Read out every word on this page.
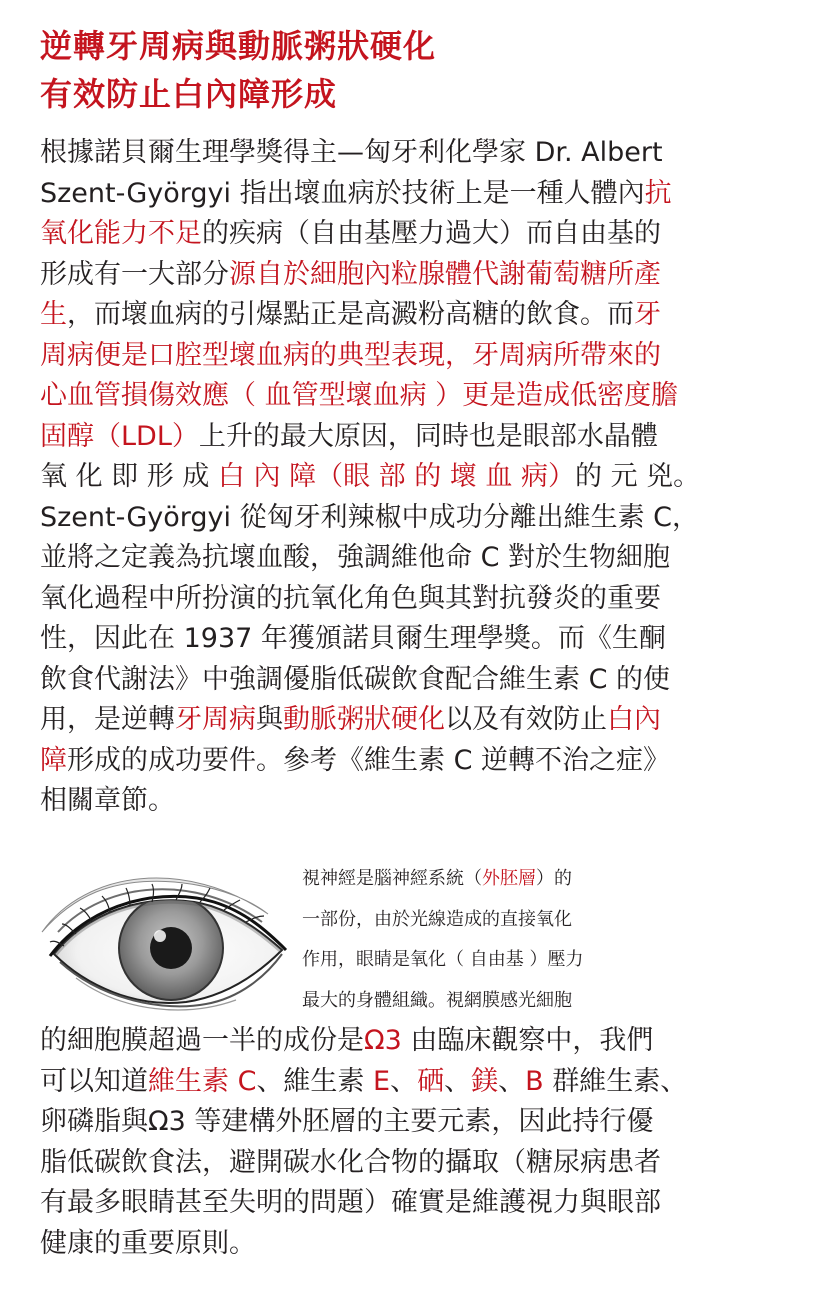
逆轉牙周病與動脈粥狀硬化
有效防止白內障形成
根據諾貝爾生理學獎得主—匈牙利化學家 Dr. Albert
Szent-Györgyi 指出壞血病於技術上是一種人體內抗
氧化能力不足的疾病（自由基壓力過大）而自由基的
形成有一大部分源自於細胞內粒腺體代謝葡萄糖所產
生，而壞血病的引爆點正是高澱粉高糖的飲食。而牙
周病便是口腔型壞血病的典型表現，牙周病所帶來的
心血管損傷效應（ 血管型壞血病 ）更是造成低密度膽
固醇（LDL）上升的最大原因，同時也是眼部水晶體
氧 化 即 形 成 白 內 障（眼 部 的 壞 血 病）的 元 兇。
Szent-Györgyi 從匈牙利辣椒中成功分離出維生素 C，
並將之定義為抗壞血酸，強調維他命 C 對於生物細胞
氧化過程中所扮演的抗氧化角色與其對抗發炎的重要
性，因此在 1937 年獲頒諾貝爾生理學獎。而《生酮
飲食代謝法》中強調優脂低碳飲食配合維生素 C 的使
用，是逆轉牙周病與動脈粥狀硬化以及有效防止白內
障形成的成功要件。參考《維生素 C 逆轉不治之症》
相關章節。
視神經是腦神經系統（外胚層）的
一部份，由於光線造成的直接氧化
作用，眼睛是氧化（ 自由基 ）壓力
最大的身體組織。視網膜感光細胞
的細胞膜超過一半的成份是Ω3 由臨床觀察中，我們
可以知道維生素 C、維生素 E、硒、鎂、B 群維生素、
卵磷脂與Ω3 等建構外胚層的主要元素，因此持行優
脂低碳飲食法，避開碳水化合物的攝取（糖尿病患者
有最多眼睛甚至失明的問題）確實是維護視力與眼部
健康的重要原則。
